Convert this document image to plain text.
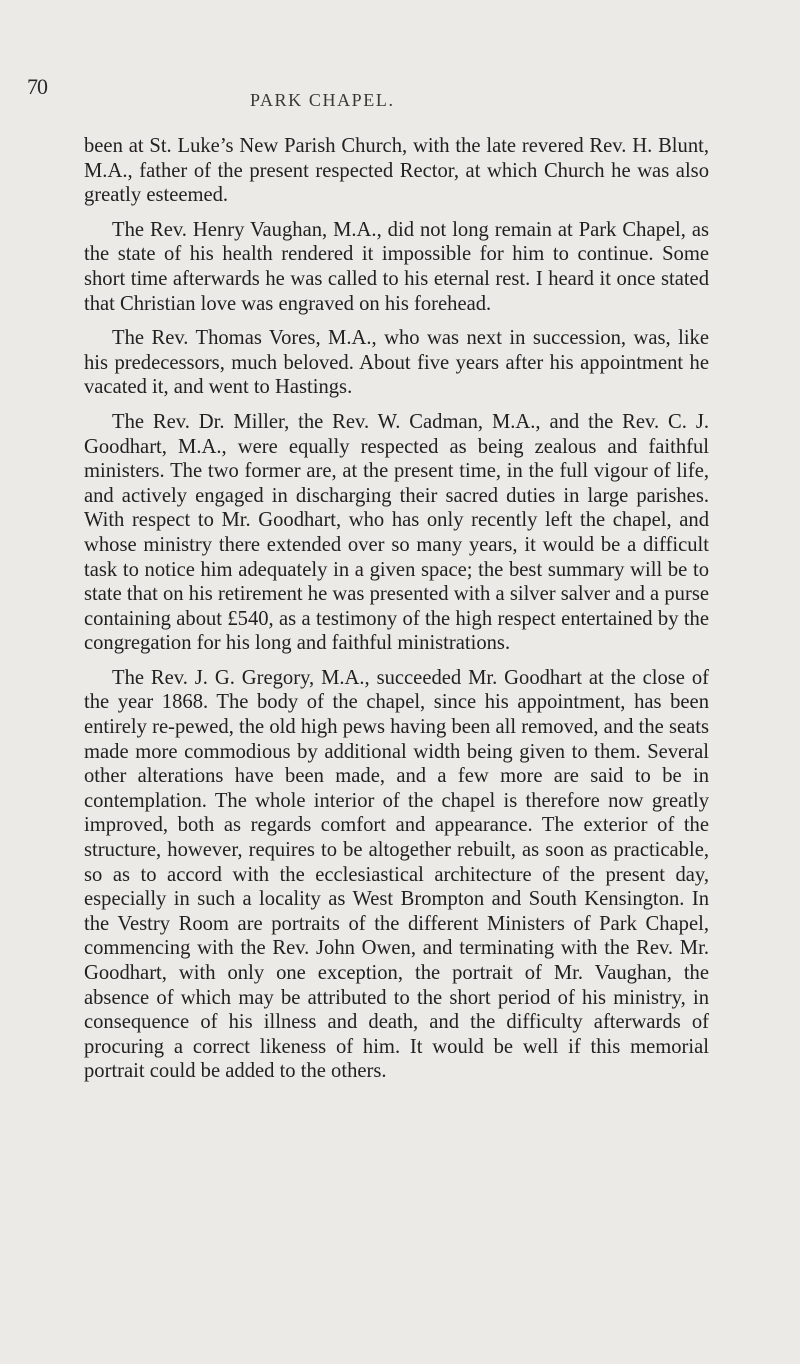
70
PARK CHAPEL.

been at St. Luke’s New Parish Church, with the late revered Rev. H. Blunt, M.A., father of the present respected Rector, at which Church he was also greatly esteemed.

The Rev. Henry Vaughan, M.A., did not long remain at Park Chapel, as the state of his health rendered it impossible for him to continue. Some short time afterwards he was called to his eternal rest. I heard it once stated that Christian love was engraved on his forehead.

The Rev. Thomas Vores, M.A., who was next in succession, was, like his predecessors, much beloved. About five years after his appointment he vacated it, and went to Hastings.

The Rev. Dr. Miller, the Rev. W. Cadman, M.A., and the Rev. C. J. Goodhart, M.A., were equally respected as being zealous and faithful ministers. The two former are, at the present time, in the full vigour of life, and actively engaged in discharging their sacred duties in large parishes. With respect to Mr. Goodhart, who has only recently left the chapel, and whose ministry there extended over so many years, it would be a difficult task to notice him adequately in a given space; the best summary will be to state that on his retirement he was presented with a silver salver and a purse containing about £540, as a testimony of the high respect entertained by the congregation for his long and faithful ministrations.

The Rev. J. G. Gregory, M.A., succeeded Mr. Goodhart at the close of the year 1868. The body of the chapel, since his appointment, has been entirely re-pewed, the old high pews having been all removed, and the seats made more commodious by additional width being given to them. Several other alterations have been made, and a few more are said to be in contemplation. The whole interior of the chapel is therefore now greatly improved, both as regards comfort and appearance. The exterior of the structure, however, requires to be altogether rebuilt, as soon as practicable, so as to accord with the ecclesiastical architecture of the present day, especially in such a locality as West Brompton and South Kensington. In the Vestry Room are portraits of the different Ministers of Park Chapel, commencing with the Rev. John Owen, and terminating with the Rev. Mr. Goodhart, with only one exception, the portrait of Mr. Vaughan, the absence of which may be attributed to the short period of his ministry, in consequence of his illness and death, and the difficulty afterwards of procuring a correct likeness of him. It would be well if this memorial portrait could be added to the others.
